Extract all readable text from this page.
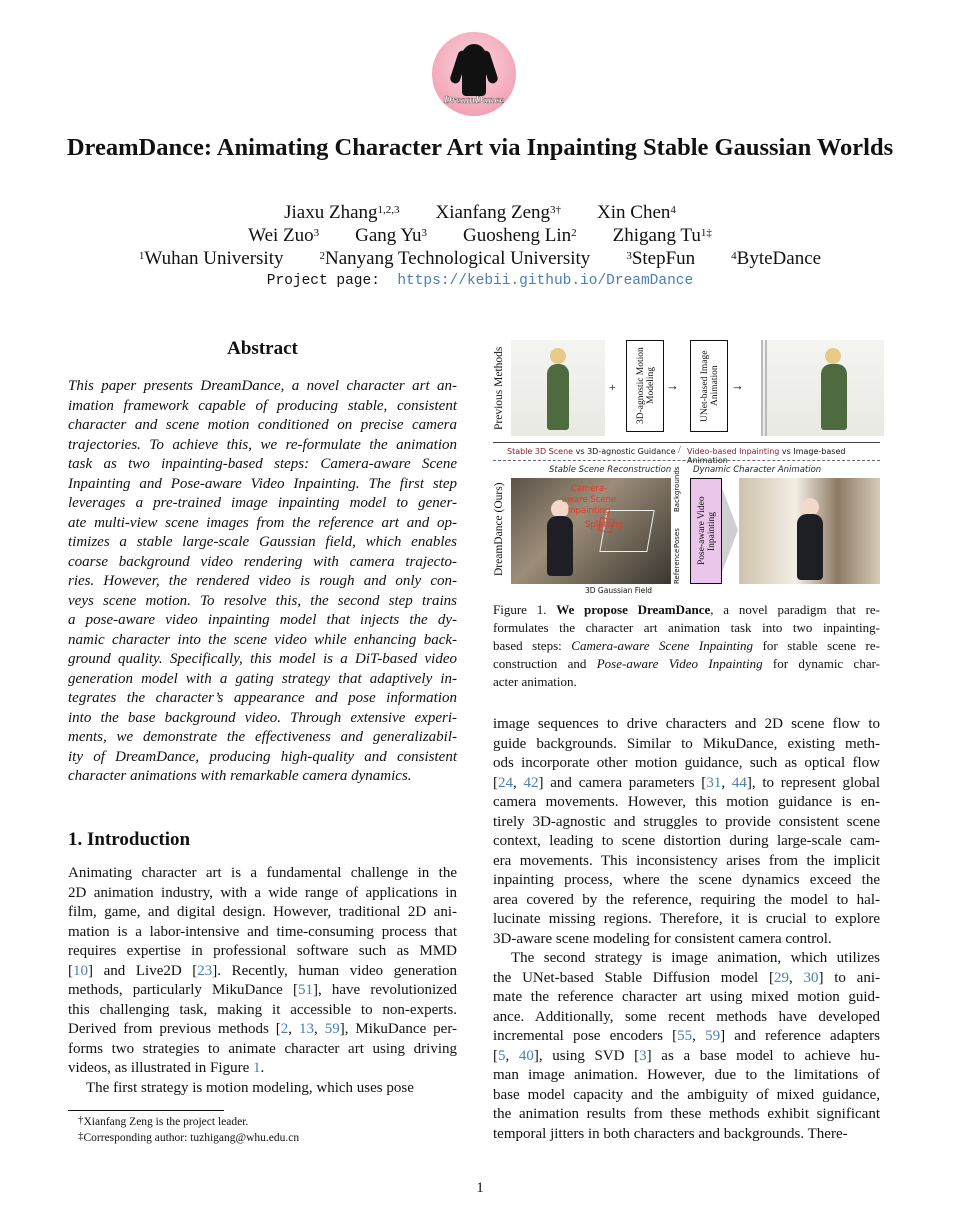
DreamDance
DreamDance: Animating Character Art via Inpainting Stable Gaussian Worlds
Jiaxu Zhang$^{1,2,3}$ Xianfang Zeng$^{3\dagger}$ Xin Chen$^4$
Wei Zuo$^3$ Gang Yu$^3$ Guosheng Lin$^2$ Zhigang $Tu^{1\ddagger}$
$^1$Wuhan University	$^2$Nanyang Technological University	$^3$StepFun	$^4$ByteDance
Project page: https://kebii.github.io/DreamDance
Abstract
This paper presents DreamDance, a novel character art an-
imation framework capable of producing stable, consistent
character and scene motion conditioned on precise camera
trajectories. To achieve this, we re-formulate the animation
task as two inpainting-based steps: Camera-aware Scene
Inpainting and Pose-aware Video Inpainting. The first step
leverages a pre-trained image inpainting model to gener-
ate multi-view scene images from the reference art and op-
timizes a stable large-scale Gaussian field, which enables
coarse background video rendering with camera trajecto-
ries. However, the rendered video is rough and only con-
veys scene motion. To resolve this, the second step trains
a pose-aware video inpainting model that injects the dy-
namic character into the scene video while enhancing back-
ground quality. Specifically, this model is a DiT-based video
generation model with a gating strategy that adaptively in-
tegrates the character’s appearance and pose information
into the base background video. Through extensive experi-
ments, we demonstrate the effectiveness and generalizabil-
ity of DreamDance, producing high-quality and consistent
character animations with remarkable camera dynamics.
1. Introduction

Animating character art is a fundamental challenge in the
2D animation industry, with a wide range of applications in
film, game, and digital design. However, traditional 2D ani-
mation is a labor-intensive and time-consuming process that
requires expertise in professional software such as MMD
[10] and Live2D [23]. Recently, human video generation
methods, particularly MikuDance [51], have revolutionized
this challenging task, making it accessible to non-experts.
Derived from previous methods [2, 13, 59], MikuDance per-
forms two strategies to animate character art using driving
videos, as illustrated in Figure 1.

The first strategy is motion modeling, which uses pose

†Xianfang Zeng is the project leader.
‡Corresponding author: tuzhigang@whu.edu.cn
Previous Methods	+ 3D-agnostic Motion Modeling → UNet-based Image Animation →
Stable 3D Scene vs 3D-agnostic Guidance / Video-based Inpainting vs Image-based Animation
DreamDance (Ours)
Stable Scene Reconstruction	Dynamic Character Animation
Camera-aware Scene Inpainting
Splatting
3D Gaussian Field
Backgrounds
Poses
Reference
Pose-aware Video Inpainting
Figure 1. We propose DreamDance, a novel paradigm that re-
formulates the character art animation task into two inpainting-
based steps: Camera-aware Scene Inpainting for stable scene re-
construction and Pose-aware Video Inpainting for dynamic char-
acter animation.

image sequences to drive characters and 2D scene flow to
guide backgrounds. Similar to MikuDance, existing meth-
ods incorporate other motion guidance, such as optical flow
[24, 42] and camera parameters [31, 44], to represent global
camera movements. However, this motion guidance is en-
tirely 3D-agnostic and struggles to provide consistent scene
context, leading to scene distortion during large-scale cam-
era movements. This inconsistency arises from the implicit
inpainting process, where the scene dynamics exceed the
area covered by the reference, requiring the model to hal-
lucinate missing regions. Therefore, it is crucial to explore
3D-aware scene modeling for consistent camera control.

The second strategy is image animation, which utilizes
the UNet-based Stable Diffusion model [29, 30] to ani-
mate the reference character art using mixed motion guid-
ance. Additionally, some recent methods have developed
incremental pose encoders [55, 59] and reference adapters
[5, 40], using SVD [3] as a base model to achieve hu-
man image animation. However, due to the limitations of
base model capacity and the ambiguity of mixed guidance,
the animation results from these methods exhibit significant
temporal jitters in both characters and backgrounds. There-

1
